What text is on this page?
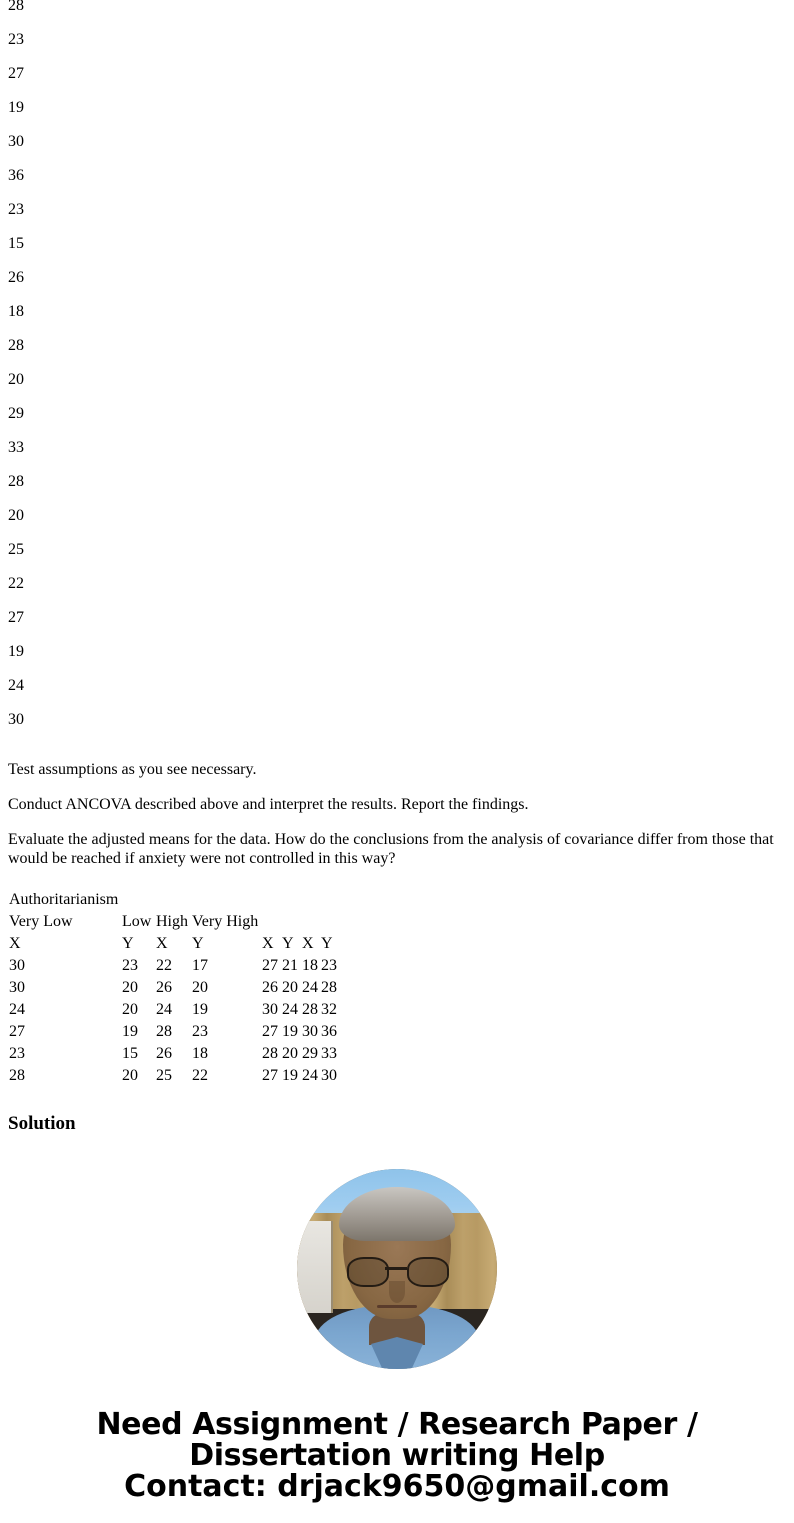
28
23
27
19
30
36
23
15
26
18
28
20
29
33
28
20
25
22
27
19
24
30

Test assumptions as you see necessary.

Conduct ANCOVA described above and interpret the results. Report the findings.

Evaluate the adjusted means for the data. How do the conclusions from the analysis of covariance differ from those that would be reached if anxiety were not controlled in this way?

Authoritarianism							
Very Low	Low	High	Very High				
X	Y	X	Y	X	Y	X	Y
30	23	22	17	27	21	18	23
30	20	26	20	26	20	24	28
24	20	24	19	30	24	28	32
27	19	28	23	27	19	30	36
23	15	26	18	28	20	29	33
28	20	25	22	27	19	24	30
Solution
Need Assignment / Research Paper / Dissertation writing Help
Contact: drjack9650@gmail.com
